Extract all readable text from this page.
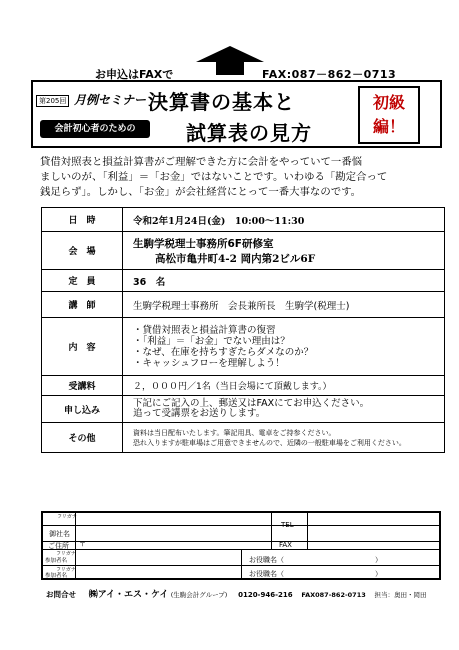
お申込はFAXで	FAX:087－862－0713
第205回 月例セミナー
会計初心者のための
決算書の基本と
試算表の見方
初級
編！
貸借対照表と損益計算書がご理解できた方に会計をやっていて一番悩
ましいのが、「利益」＝「お金」ではないことです。いわゆる「勘定合って
銭足らず」。しかし、「お金」が会社経営にとって一番大事なのです。
日　時	令和2年1月24日(金)　10:00～11:30
会　場	生駒学税理士事務所6F研修室
高松市亀井町4-2 岡内第2ビル6F

定　員	36　名
講　師	生駒学税理士事務所　会長兼所長　生駒学(税理士)
内　容	・貸借対照表と損益計算書の復習
・「利益」＝「お金」でない理由は？
・なぜ、在庫を持ちすぎたらダメなのか？
・キャッシュフローを理解しよう！

受講料	２，０００円／1名（当日会場にて頂戴します。）
申し込み	下記にご記入の上、郵送又はFAXにてお申込ください。
追って受講票をお送りします。

その他	資料は当日配布いたします。筆記用具、電卓をご持参ください。
恐れ入りますが駐車場はご用意できませんので、近隣の一般駐車場をご利用ください。
フリガナ
御社名
TEL
ご住所 〒	FAX
フリガナ
参加者名	お役職名（　　　　　　　　　　　　　）
フリガナ
参加者名	お役職名（　　　　　　　　　　　　　）
お問合せ ㈱アイ・エス・ケイ (生駒会計グループ) 0120-946-216 FAX087-862-0713 担当：奥田・岡田
